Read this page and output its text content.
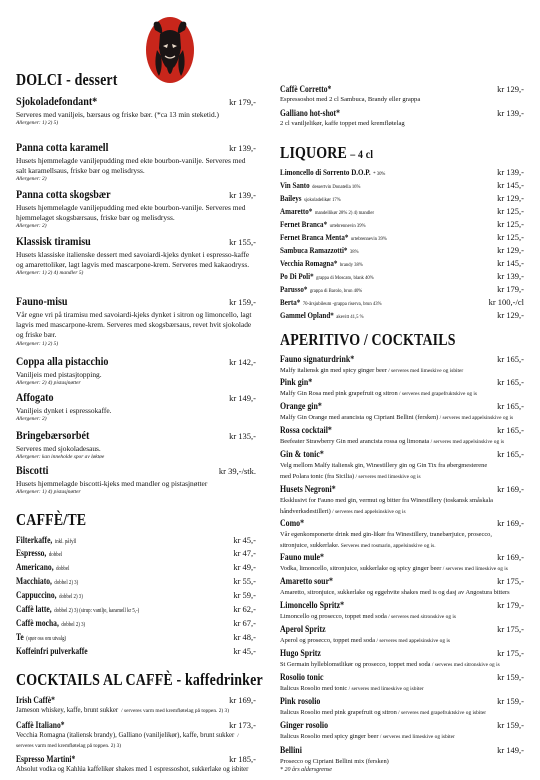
DOLCI - dessert
Sjokoladefondant*	kr 179,-
Serveres med vaniljeis, bærsaus og friske bær. (*ca 13 min steketid.)
Allergener: 1) 2) 5)
Panna cotta karamell	kr 139,-
Husets hjemmelagde vaniljepudding med ekte bourbon-vanilje. Serveres med salt karamellsaus, friske bær og melisdryss.
Allergener: 2)
Panna cotta skogsbær	kr 139,-
Husets hjemmelagde vaniljepudding med ekte bourbon-vanilje. Serveres med hjemmelaget skogsbærsaus, friske bær og melisdryss.
Allergener: 2)
Klassisk tiramisu	kr 155,-
Husets klassiske italienske dessert med savoiardi-kjeks dynket i espresso-kaffe og amarettolikør, lagt lagvis med mascarpone-krem. Serveres med kakaodryss.
Allergener: 1) 2) 4) mandler 5)
Fauno-misu	kr 159,-
Vår egne vri på tiramisu med savoiardi-kjeks dynket i sitron og limoncello, lagt lagvis med mascarpone-krem. Serveres med skogsbærsaus, revet hvit sjokolade og friske bær.
Allergener: 1) 2) 5)
Coppa alla pistacchio	kr 142,-
Vaniljeis med pistasjtopping.
Allergener: 2) 4) pistasjnøtter
Affogato	kr 149,-
Vaniljeis dynket i espressokaffe.
Allergener: 2)
Bringebærsorbét	kr 135,-
Serveres med sjokoladesaus.
Allergener: kan inneholde spor av løktøe
Biscotti	kr 39,-/stk.
Husets hjemmelagde biscotti-kjeks med mandler og pistasjnøtter
Allergener: 1) 4) pistasjnøtter
CAFFÈ/TE
Filterkaffe, inkl. påfyll	kr 45,-
Espresso, dobbel	kr 47,-
Americano, dobbel	kr 49,-
Macchiato, dobbel 2) 3)	kr 55,-
Cappuccino, dobbel 2) 3)	kr 59,-
Caffè latte, dobbel 2) 3) (sirup: vanilje, karamell kr 5,-)	kr 62,-
Caffè mocha, dobbel 2) 3)	kr 67,-
Te (spør oss om utvalg)	kr 48,-
Koffeinfri pulverkaffe	kr 45,-
COCKTAILS AL CAFFÈ - kaffedrinker
Irish Caffè*	kr 169,-
Jameson whiskey, kaffe, brunt sukker / serveres varm med kremfløtelag på toppen. 2) 3)
Caffè Italiano*	kr 173,-
Vecchia Romagna (italiensk brandy), Galliano (vaniljelikør), kaffe, brunt sukker / serveres varm med kremfløtelag på toppen. 2) 3)
Espresso Martini*	kr 185,-
Absolut vodka og Kahlúa kaffelikør shakes med 1 espressoshot, sukkerlake og isbiter
Caffè Corretto*	kr 129,-
Espressoshot med 2 cl Sambuca, Brandy eller grappa
Galliano hot-shot*	kr 139,-
2 cl vaniljelikør, kaffe toppet med kremfløtelag
LIQUORE – 4 cl
Limoncello di Sorrento D.O.P. * 30%	kr 139,-
Vin Santo dessertvin Donatella 16%	kr 145,-
Baileys sjokoladelikør 17%	kr 129,-
Amaretto* mandellikør 28% 2) 4) mandler	kr 125,-
Fernet Branca* urtebrennevin 39%	kr 125,-
Fernet Branca Menta* urtebrennevin 39%	kr 125,-
Sambuca Ramazzotti* 38%	kr 129,-
Vecchia Romagna* brandy 38%	kr 145,-
Po Di Poli* grappa di Moscato, blank 40%	kr 139,-
Parusso* grappa di Barolo, brun 40%	kr 179,-
Berta* 70-årsjubileum -grappa riserva, brun 43%	kr 100,-/cl
Gammel Opland* akevitt 41,5 %	kr 129,-
APERITIVO / COCKTAILS
Fauno signaturdrink*	kr 165,-
Malfy italiensk gin med spicy ginger beer / serveres med limeskive og isbiter
Pink gin*	kr 165,-
Malfy Gin Rosa med pink grapefruit og sitron / serveres med grapefruktskive og is
Orange gin*	kr 165,-
Malfy Gin Orange med arancista og Cipriani Bellini (fersken) / serveres med appelsinskive og is
Rossa cocktail*	kr 165,-
Beefeater Strawberry Gin med arancista rossa og limonata / serveres med appelsinskive og is
Gin & tonic*	kr 165,-
Velg mellom Malfy italiensk gin, Winestillery gin og Gin Tix fra øbergmesterene
med Polara tonic (fra Sicilia) / serveres med limeskive og is
Husets Negroni*	kr 169,-
Eksklusivt for Fauno med gin, vermut og bitter fra Winestillery (toskansk småskala
håndverksdestilleri) / serveres med appelsinskive og is
Como*	kr 169,-
Vår egenkomponerte drink med gin-likør fra Winestillery, tranebærjuice, prosecco,
sitronjuice, sukkerlake. Serveres med rosmarin, appelsinskive og is.
Fauno mule*	kr 169,-
Vodka, limoncello, sitronjuice, sukkerlake og spicy ginger beer / serveres med limeskive og is
Amaretto sour*	kr 175,-
Amaretto, sitronjuice, sukkerlake og eggehvite shakes med is og dasj av Angostura bitters
Limoncello Spritz*	kr 179,-
Limoncello og prosecco, toppet med soda / serveres med sitronskive og is
Aperol Spritz	kr 175,-
Aperol og prosecco, toppet med soda / serveres med appelsinskive og is
Hugo Spritz	kr 175,-
St Germain hylleblomstlikør og prosecco, toppet med soda / serveres med sitronskive og is
Rosolio tonic	kr 159,-
Italicus Rosolio med tonic / serveres med limeskive og isbiter
Pink rosolio	kr 159,-
Italicus Rosolio med pink grapefruit og sitron / serveres med grapefruktskive og isbiter
Ginger rosolio	kr 159,-
Italicus Rosolio med spicy ginger beer / serveres med limeskive og isbiter
Bellini	kr 149,-
Prosecco og Cipriani Bellini mix (fersken)
* 20 års aldersgrense
